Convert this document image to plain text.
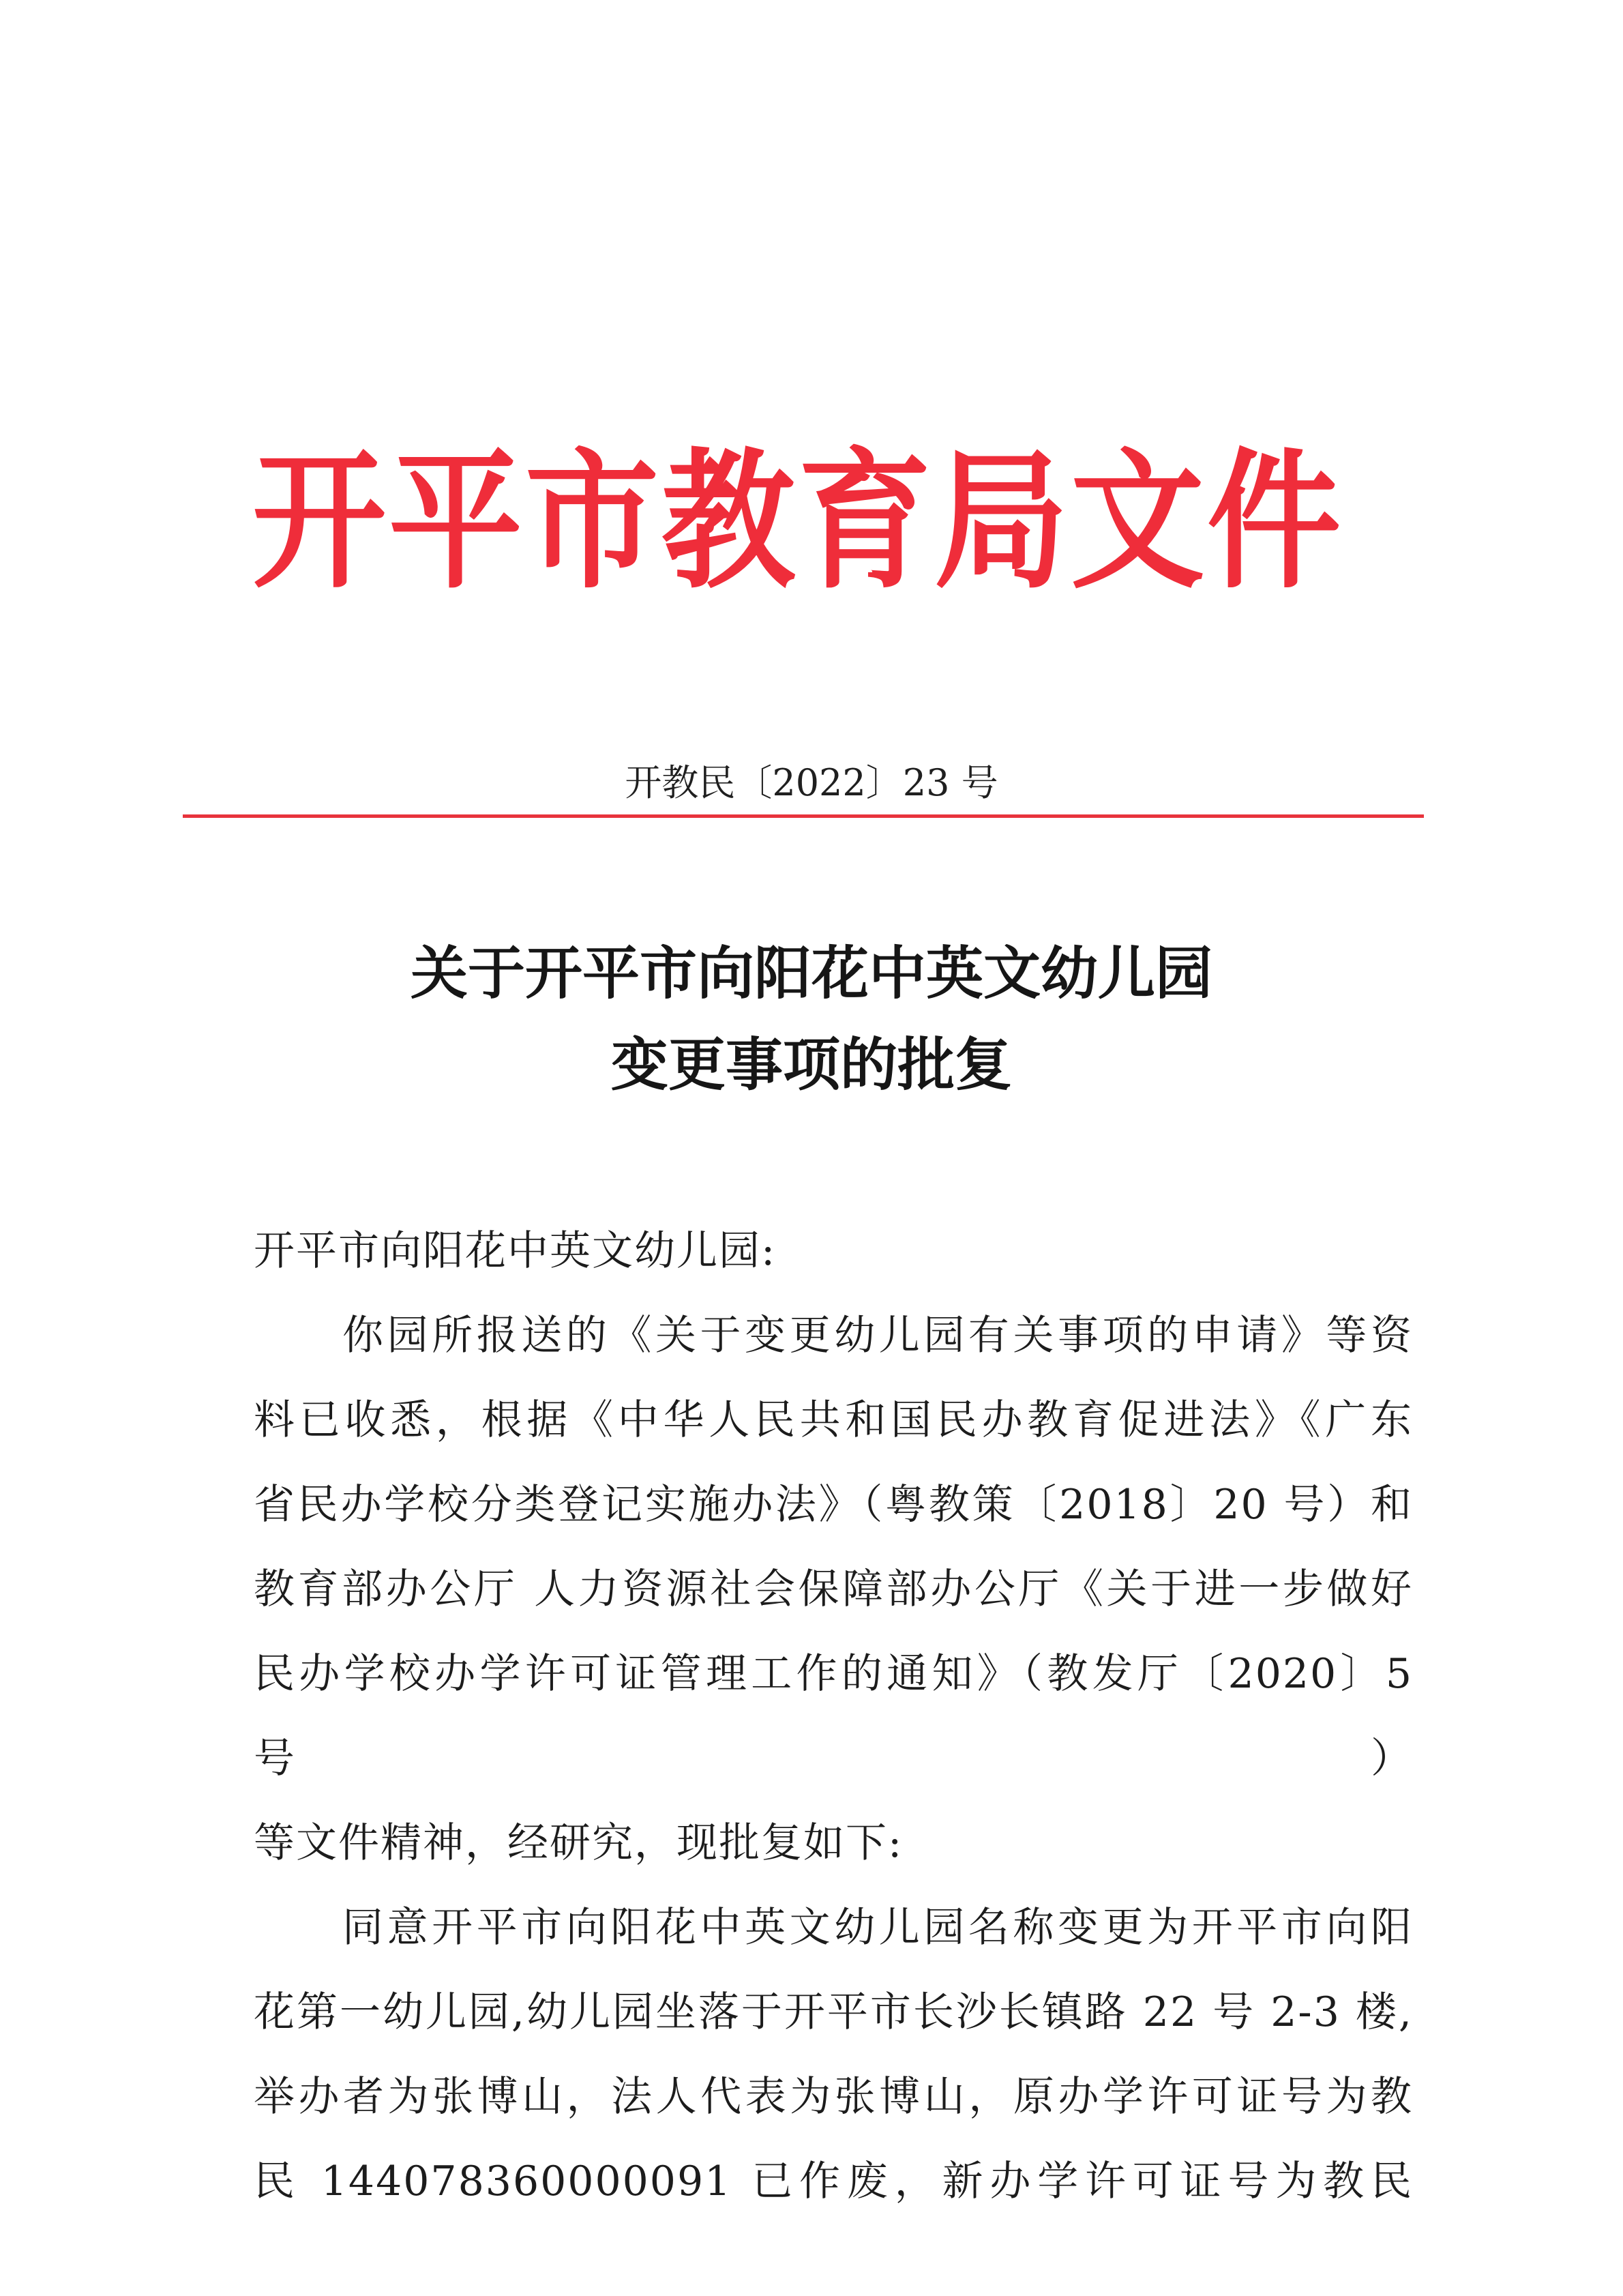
开平市教育局文件
开教民〔2022〕23 号
关于开平市向阳花中英文幼儿园
变更事项的批复
开平市向阳花中英文幼儿园:

你园所报送的《关于变更幼儿园有关事项的申请》等资

料已收悉，根据《中华人民共和国民办教育促进法》《广东

省民办学校分类登记实施办法》（粤教策〔2018〕20 号）和

教育部办公厅 人力资源社会保障部办公厅《关于进一步做好

民办学校办学许可证管理工作的通知》（教发厅〔2020〕5 号）

等文件精神，经研究，现批复如下:

同意开平市向阳花中英文幼儿园名称变更为开平市向阳

花第一幼儿园,幼儿园坐落于开平市长沙长镇路 22 号 2-3 楼,

举办者为张博山，法人代表为张博山，原办学许可证号为教

民 144078360000091 已作废，新办学许可证号为教民
